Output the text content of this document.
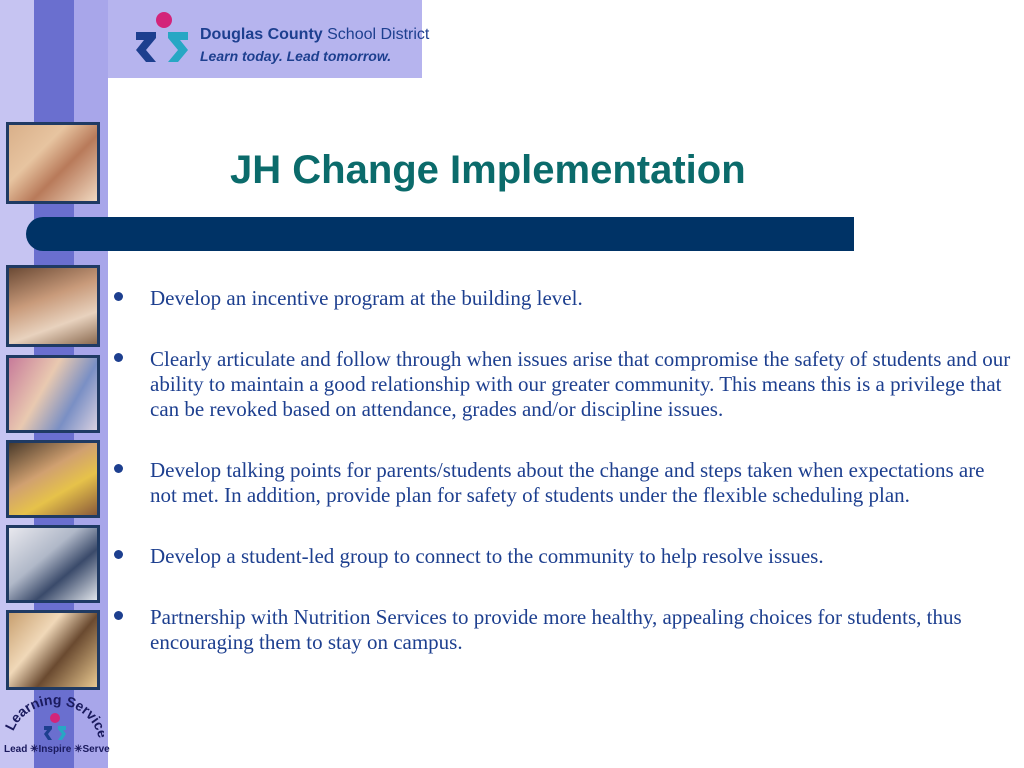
Douglas County School District
Learn today. Lead tomorrow.
JH Change Implementation
Develop an incentive program at the building level.
Clearly articulate and follow through when issues arise that compromise the safety of students and our ability to maintain a good relationship with our greater community. This means this is a privilege that can be revoked based on attendance, grades and/or discipline issues.
Develop talking points for parents/students about the change and steps taken when expectations are not met. In addition, provide plan for safety of students under the flexible scheduling plan.
Develop a student-led group to connect to the community to help resolve issues.
Partnership with Nutrition Services to provide more healthy, appealing choices for students, thus encouraging them to stay on campus.
earning Servi
Lead ✳Inspire ✳Serve
